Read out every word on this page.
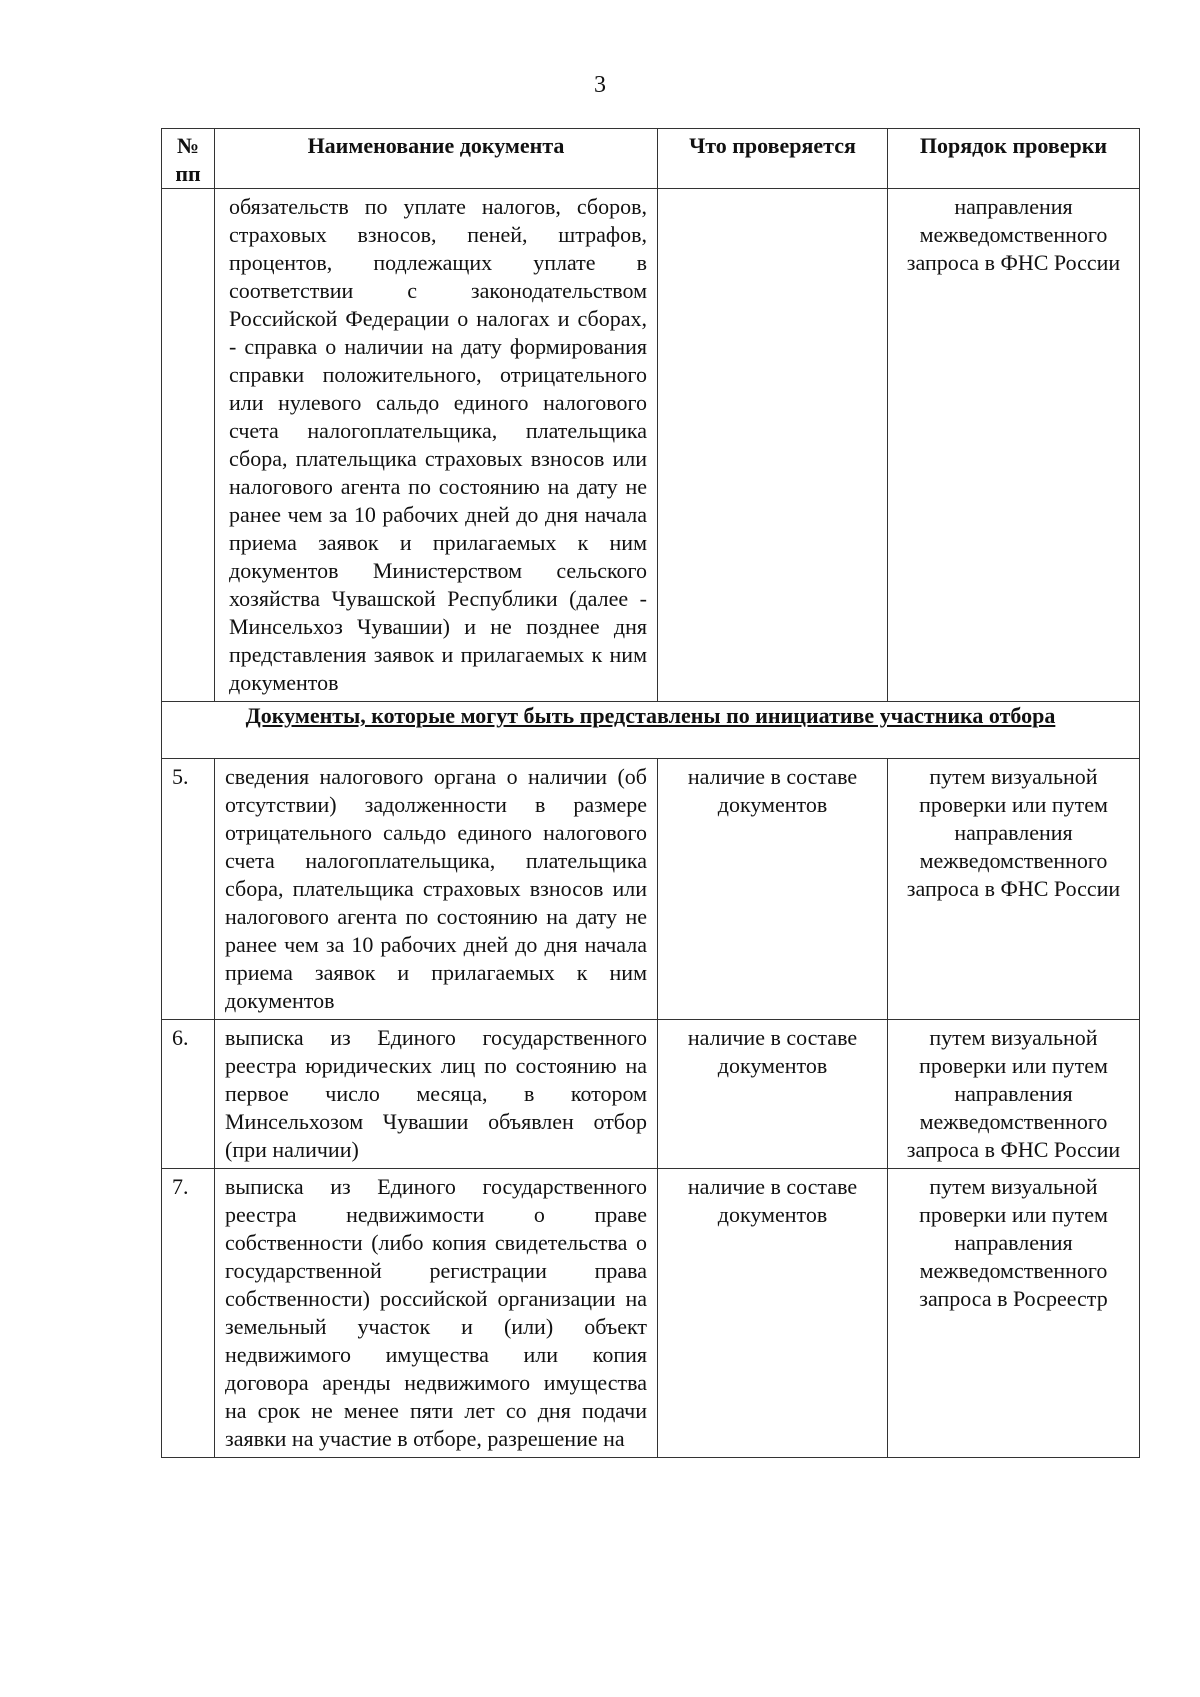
3
№ пп	Наименование документа	Что проверяется	Порядок проверки
	обязательств по уплате налогов, сборов, страховых взносов, пеней, штрафов, процентов, подлежащих уплате в соответствии с законодательством Российской Федерации о налогах и сборах, - справка о наличии на дату формирования справки положительного, отрицательного или нулевого сальдо единого налогового счета налогоплательщика, плательщика сбора, плательщика страховых взносов или налогового агента по состоянию на дату не ранее чем за 10 рабочих дней до дня начала приема заявок и прилагаемых к ним документов Министерством сельского хозяйства Чувашской Республики (далее - Минсельхоз Чувашии) и не позднее дня представления заявок и прилагаемых к ним документов		направления межведомственного запроса в ФНС России
Документы, которые могут быть представлены по инициативе участника отбора			
5.	сведения налогового органа о наличии (об отсутствии) задолженности в размере отрицательного сальдо единого налогового счета налогоплательщика, плательщика сбора, плательщика страховых взносов или налогового агента по состоянию на дату не ранее чем за 10 рабочих дней до дня начала приема заявок и прилагаемых к ним документов	наличие в составе документов	путем визуальной проверки или путем направления межведомственного запроса в ФНС России
6.	выписка из Единого государственного реестра юридических лиц по состоянию на первое число месяца, в котором Минсельхозом Чувашии объявлен отбор (при наличии)	наличие в составе документов	путем визуальной проверки или путем направления межведомственного запроса в ФНС России
7.	выписка из Единого государственного реестра недвижимости о праве собственности (либо копия свидетельства о государственной регистрации права собственности) российской организации на земельный участок и (или) объект недвижимого имущества или копия договора аренды недвижимого имущества на срок не менее пяти лет со дня подачи заявки на участие в отборе, разрешение на	наличие в составе документов	путем визуальной проверки или путем направления межведомственного запроса в Росреестр
